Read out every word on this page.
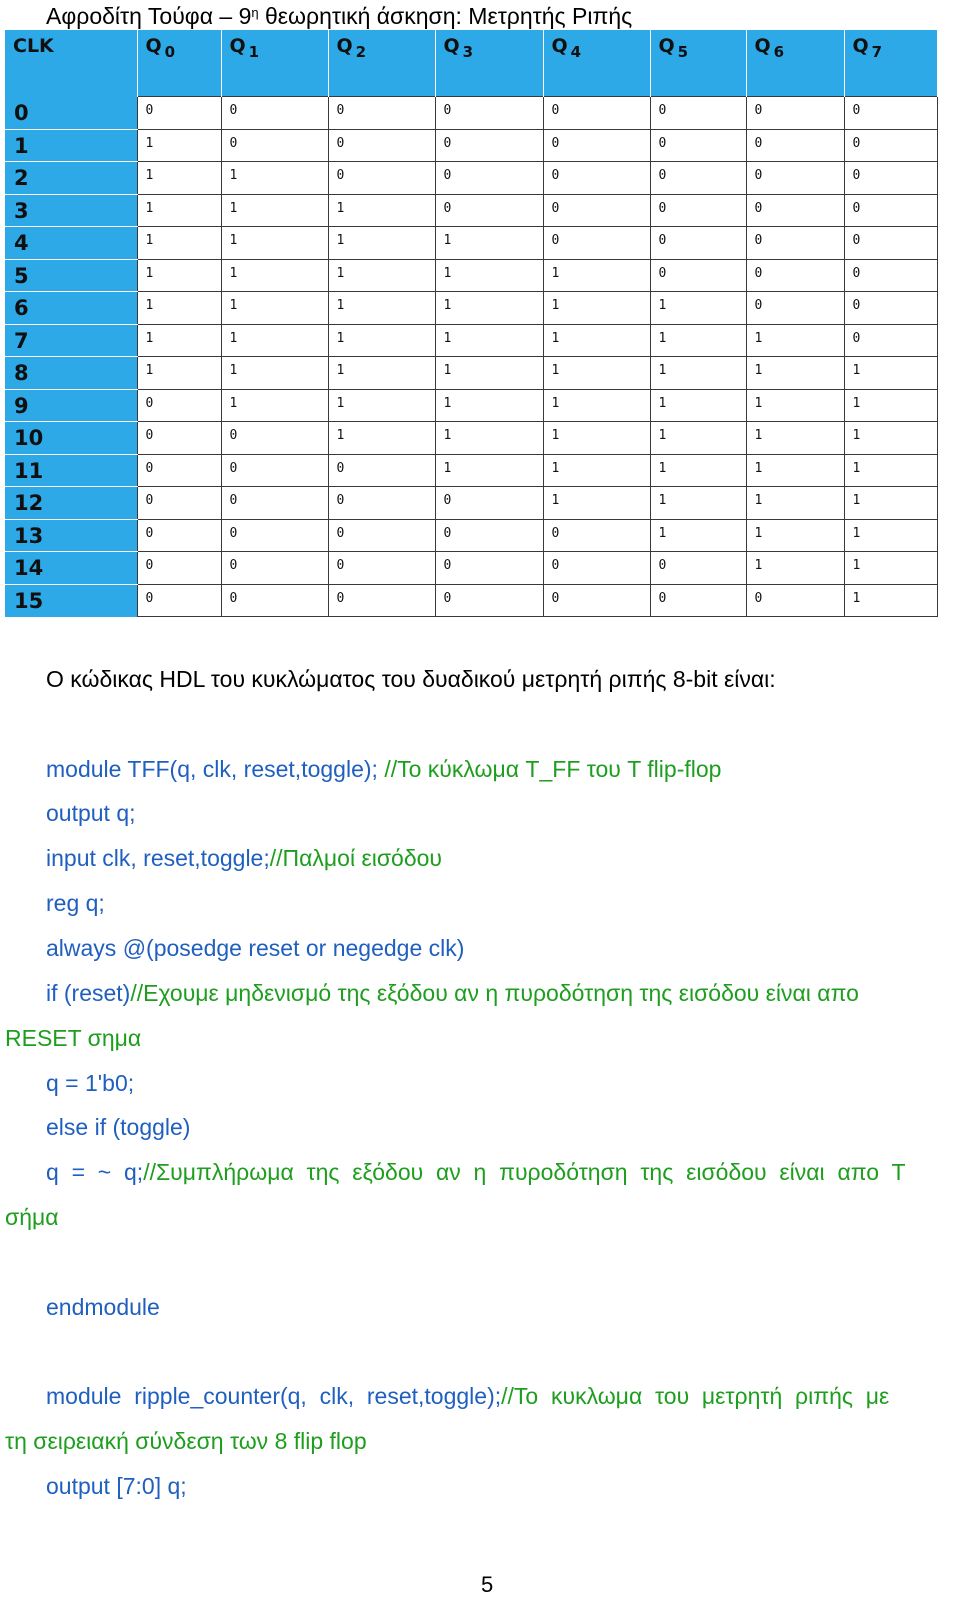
Αφροδίτη Τούφα – $9^\eta$ θεωρητική άσκηση: Μετρητής Ριπής
CLK	Q $_0$	Q $_1$	Q $_2$	Q $_3$	Q $_4$	Q $_5$	Q $_6$	Q $_7$
0	0	0	0	0	0	0	0	0
1	1	0	0	0	0	0	0	0
2	1	1	0	0	0	0	0	0
3	1	1	1	0	0	0	0	0
4	1	1	1	1	0	0	0	0
5	1	1	1	1	1	0	0	0
6	1	1	1	1	1	1	0	0
7	1	1	1	1	1	1	1	0
8	1	1	1	1	1	1	1	1
9	0	1	1	1	1	1	1	1
10	0	0	1	1	1	1	1	1
11	0	0	0	1	1	1	1	1
12	0	0	0	0	1	1	1	1
13	0	0	0	0	0	1	1	1
14	0	0	0	0	0	0	1	1
15	0	0	0	0	0	0	0	1
Ο κώδικας HDL του κυκλώματος του δυαδικού μετρητή ριπής 8-bit είναι:
module TFF(q, clk, reset,toggle); //Το κύκλωμα T_FF του T flip-flop
output q;
input clk, reset,toggle;//Παλμοί εισόδου
reg q;
always @(posedge reset or negedge clk)
if (reset)//Εχουμε μηδενισμό της εξόδου αν η πυροδότηση της εισόδου είναι απο
RESET σημα
q = 1'b0;
else if (toggle)
q  =  ~  q;//Συμπλήρωμα  της  εξόδου  αν  η  πυροδότηση  της  εισόδου  είναι  απο  Τ
σήμα
endmodule
module  ripple_counter(q,  clk,  reset,toggle);//Το  κυκλωμα  του  μετρητή  ριπής  με
τη σειρειακή σύνδεση των 8 flip flop
output [7:0] q;
5
